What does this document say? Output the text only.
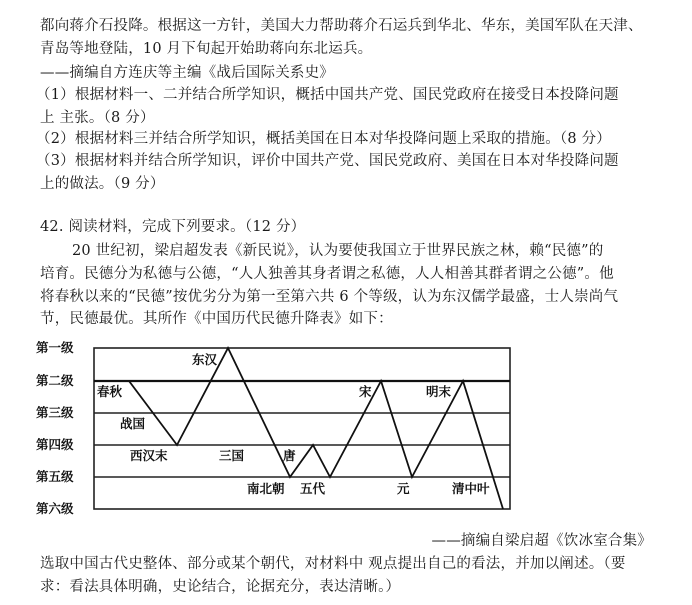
都向蒋介石投降。根据这一方针，美国大力帮助蒋介石运兵到华北、华东，美国军队在天津、
青岛等地登陆，10 月下旬起开始助蒋向东北运兵。
——摘编自方连庆等主编《战后国际关系史》
（1）根据材料一、二并结合所学知识，概括中国共产党、国民党政府在接受日本投降问题
上 主张。（8 分）
（2）根据材料三并结合所学知识，概括美国在日本对华投降问题上采取的措施。（8 分）
（3）根据材料并结合所学知识，评价中国共产党、国民党政府、美国在日本对华投降问题
上的做法。（9 分）
42. 阅读材料，完成下列要求。（12 分）
20 世纪初，梁启超发表《新民说》，认为要使我国立于世界民族之林，赖“民德”的
培育。民德分为私德与公德，“人人独善其身者谓之私德，人人相善其群者谓之公德”。他
将春秋以来的“民德”按优劣分为第一至第六共 6 个等级，认为东汉儒学最盛，士人崇尚气
节，民德最优。其所作《中国历代民德升降表》如下：
第一级
第二级
第三级
第四级
第五级
第六级
春秋
战国
西汉末
东汉
三国
南北朝
唐
五代
宋
元
明末
清中叶
——摘编自梁启超《饮冰室合集》
选取中国古代史整体、部分或某个朝代，对材料中 观点提出自己的看法，并加以阐述。（要
求：看法具体明确，史论结合，论据充分，表达清晰。）
